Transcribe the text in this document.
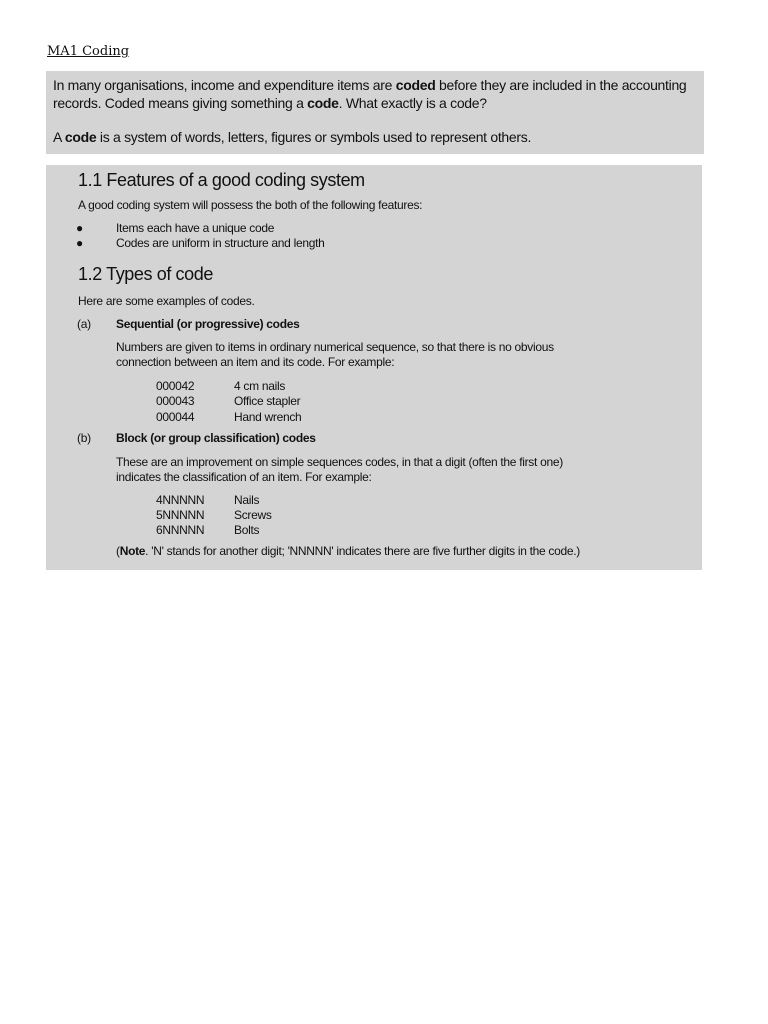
MA1 Coding

In many organisations, income and expenditure items are coded before they are included in the accounting records. Coded means giving something a code. What exactly is a code?

A code is a system of words, letters, figures or symbols used to represent others.

1.1 Features of a good coding system
A good coding system will possess the both of the following features:
●	Items each have a unique code
●	Codes are uniform in structure and length
1.2 Types of code
Here are some examples of codes.
(a) Sequential (or progressive) codes
Numbers are given to items in ordinary numerical sequence, so that there is no obvious
connection between an item and its code. For example:
000042	4 cm nails
000043	Office stapler
000044	Hand wrench
(b) Block (or group classification) codes
These are an improvement on simple sequences codes, in that a digit (often the first one)
indicates the classification of an item. For example:
4NNNNN Nails
5NNNNN Screws
6NNNNN Bolts
(Note. 'N' stands for another digit; 'NNNNN' indicates there are five further digits in the code.)
